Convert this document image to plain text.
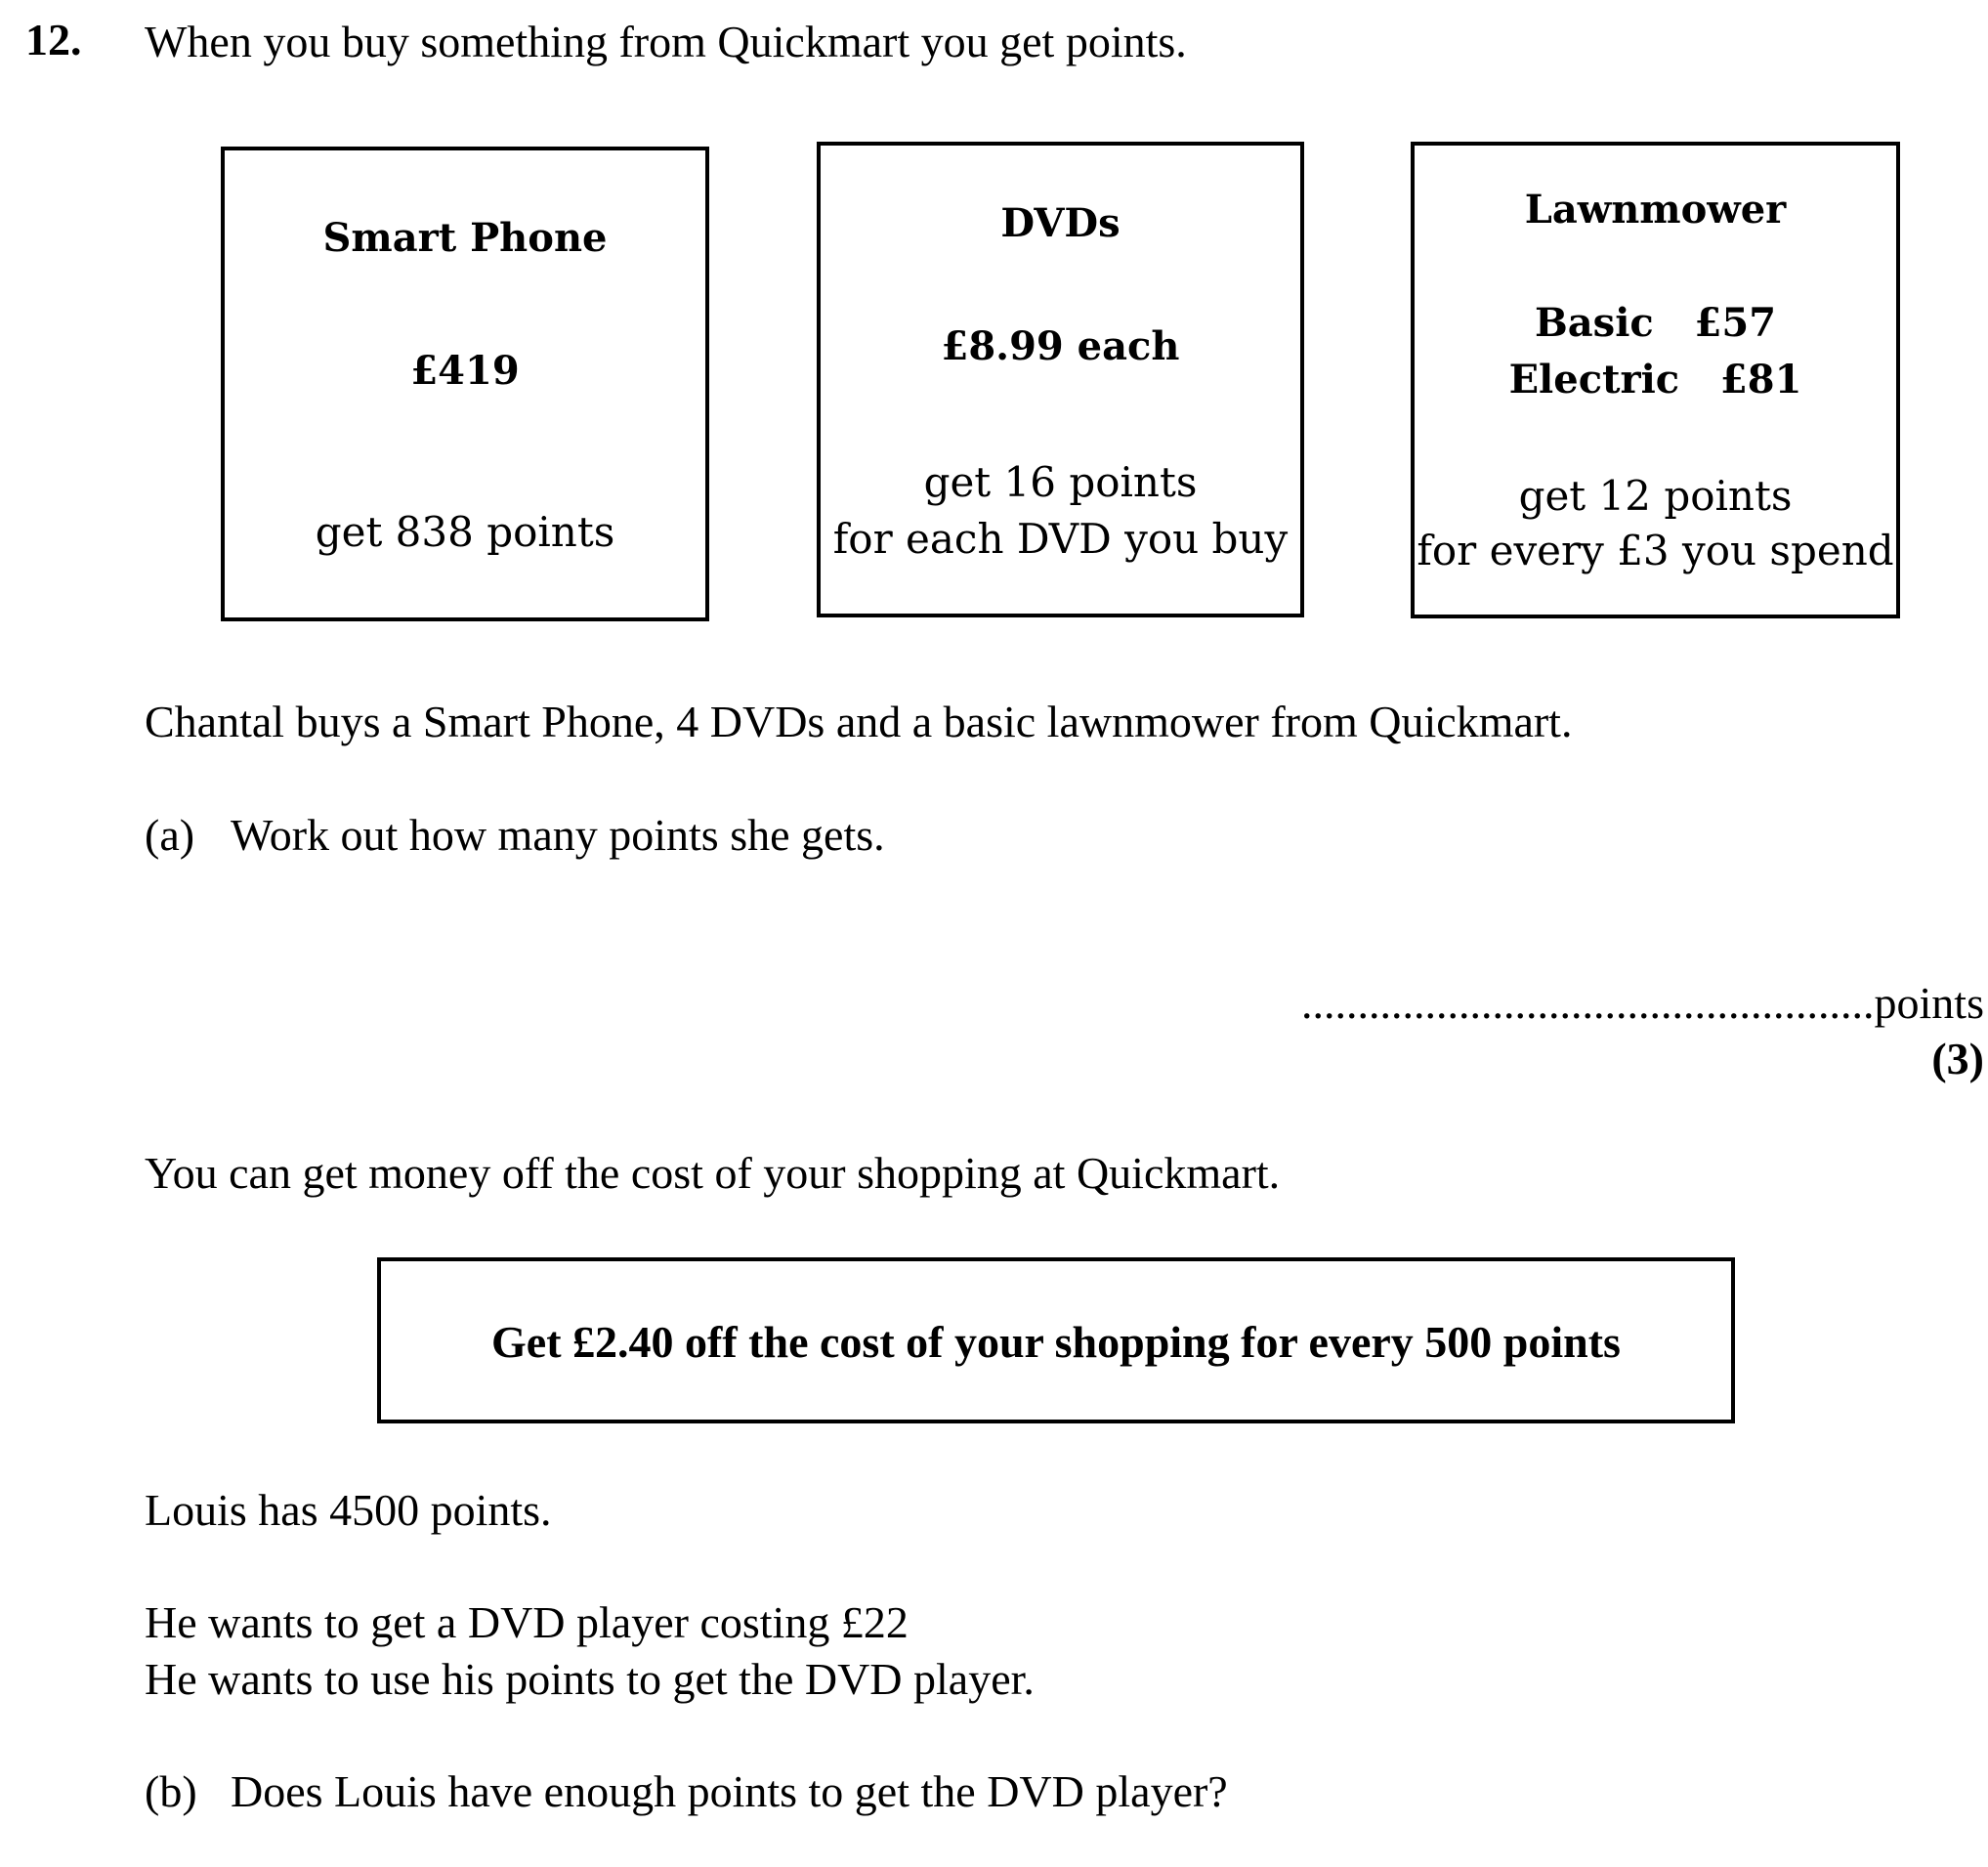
12. When you buy something from Quickmart you get points.
Smart Phone
£419
get 838 points
DVDs
£8.99 each
get 16 points
for each DVD you buy
Lawnmower
Basic   £57
Electric   £81
get 12 points
for every £3 you spend
Chantal buys a Smart Phone, 4 DVDs and a basic lawnmower from Quickmart.
(a) Work out how many points she gets.
...................................................points
(3)
You can get money off the cost of your shopping at Quickmart.
Get £2.40 off the cost of your shopping for every 500 points
Louis has 4500 points.
He wants to get a DVD player costing £22
He wants to use his points to get the DVD player.
(b) Does Louis have enough points to get the DVD player?
